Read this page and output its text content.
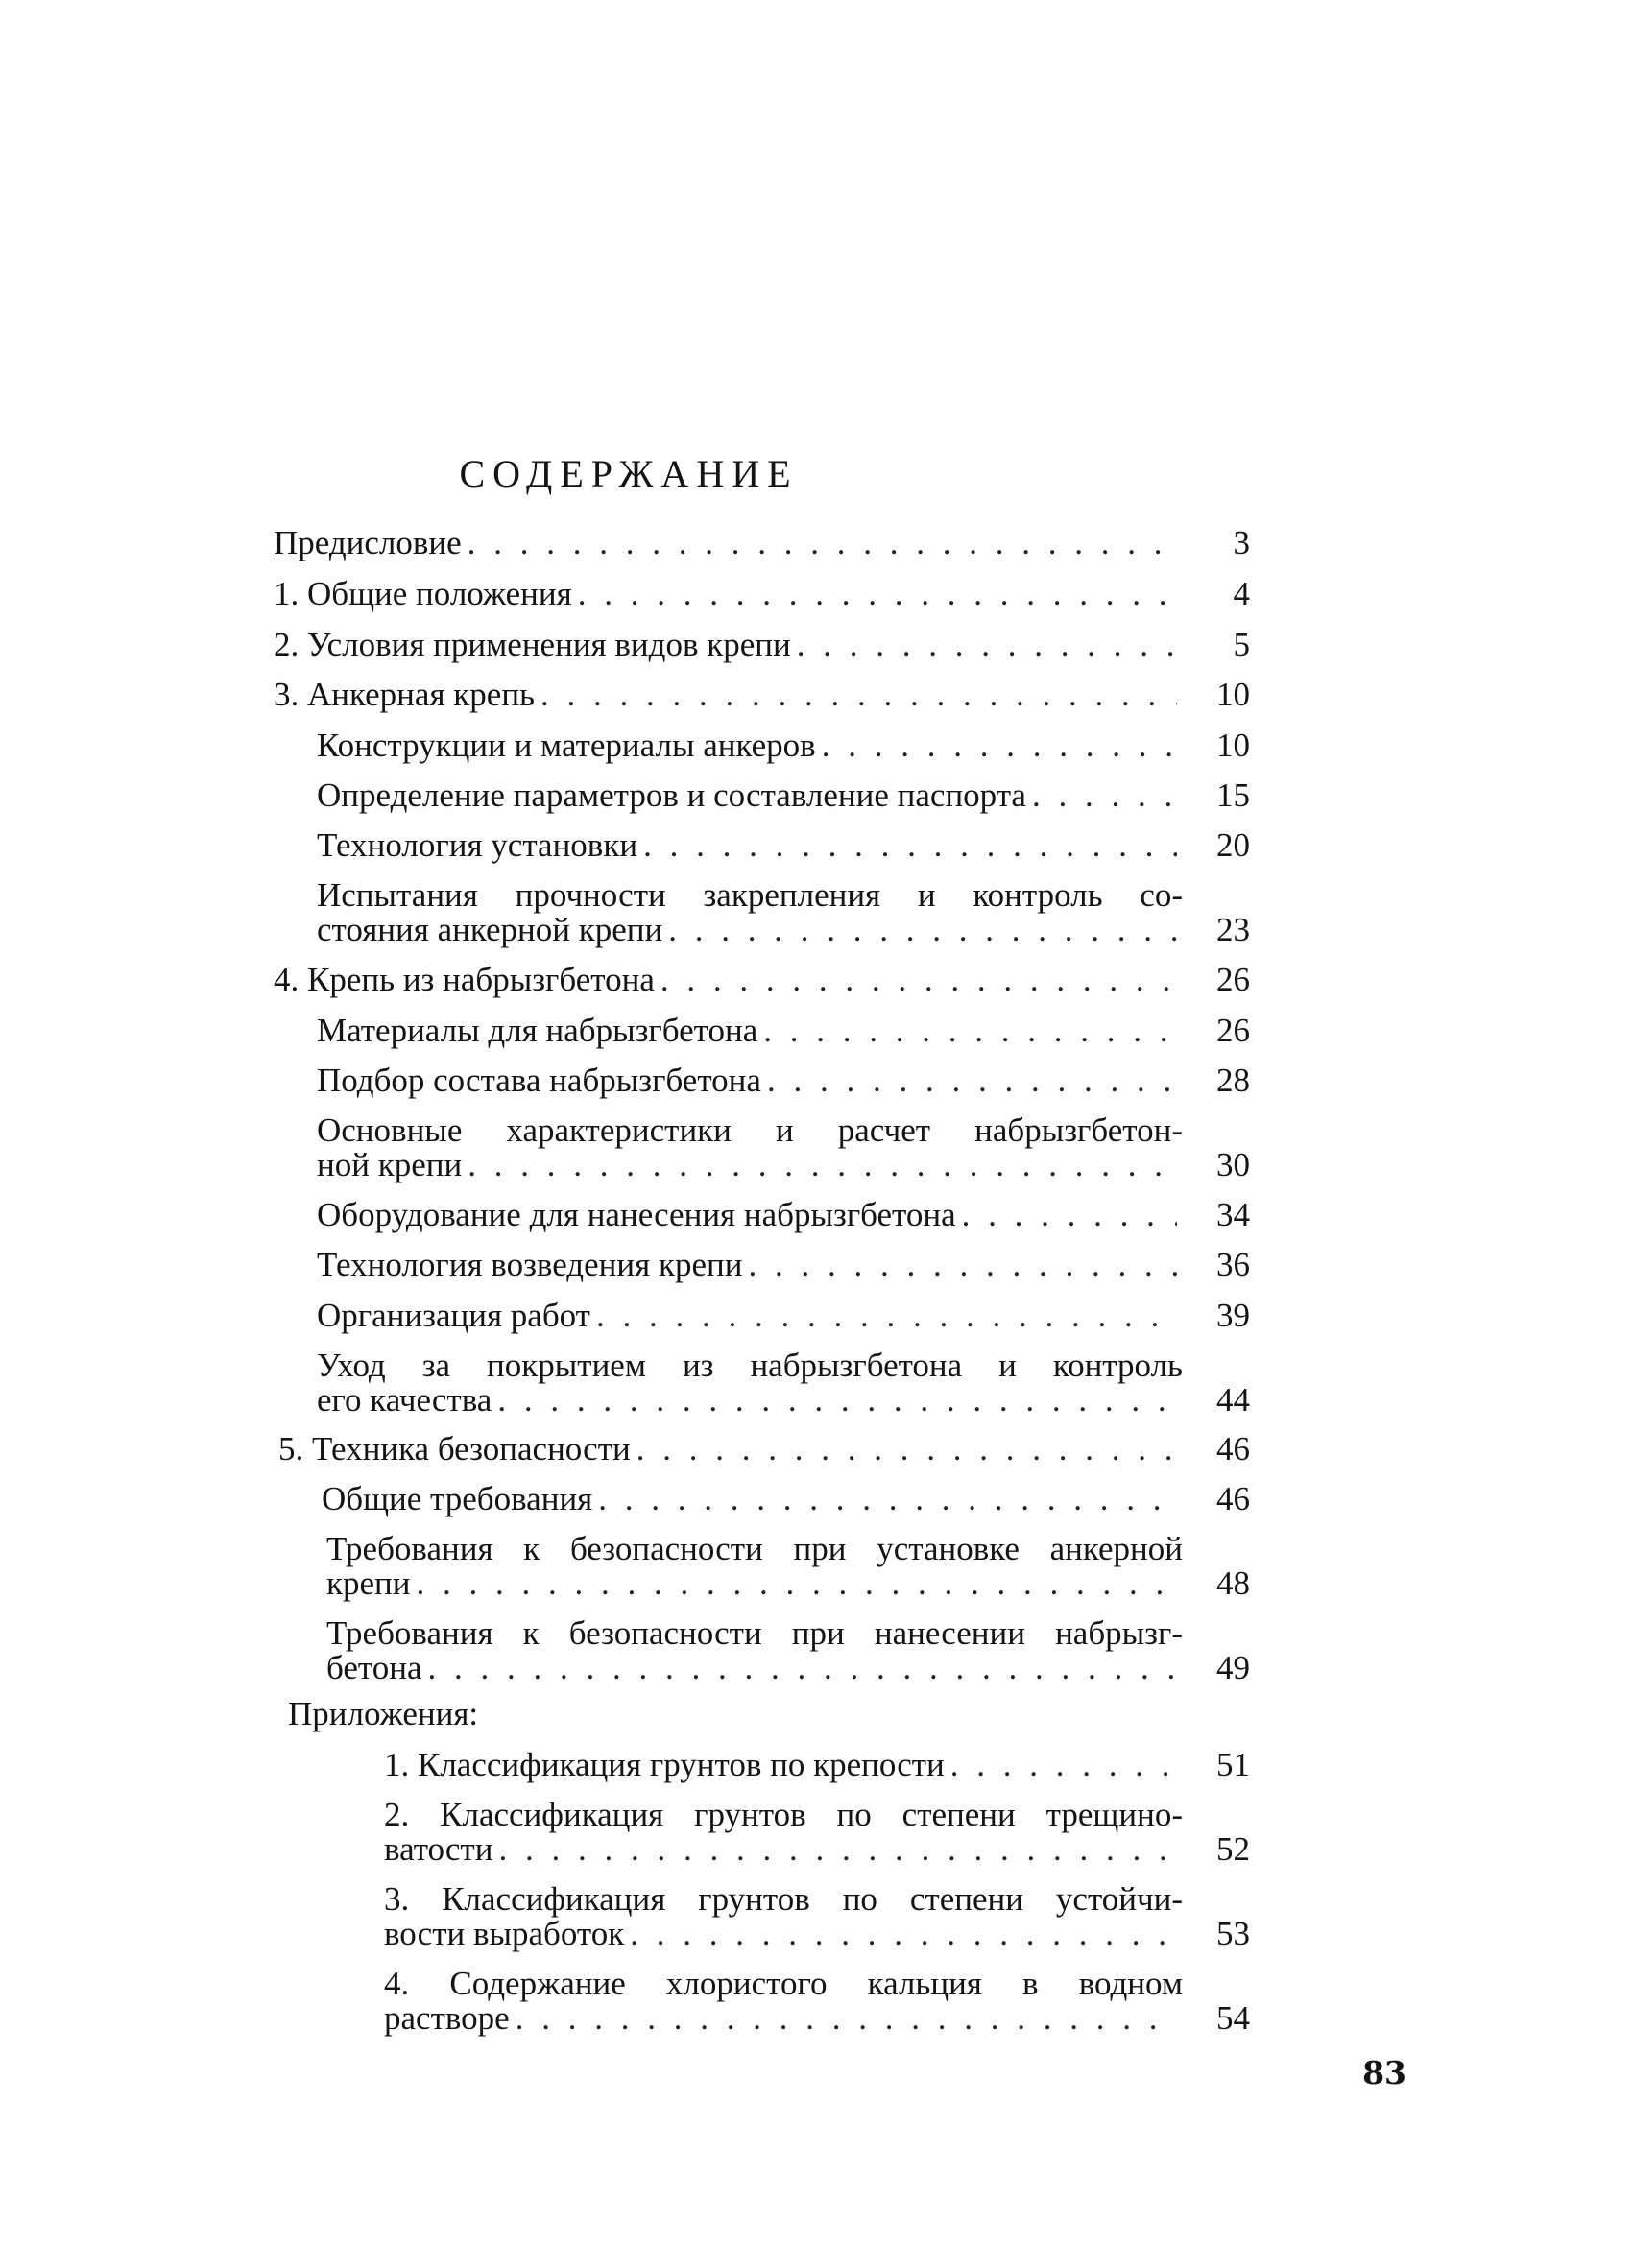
СОДЕРЖАНИЕ
Предисловие . . .	3
1. Общие положения . . .	4
2. Условия применения видов крепи . . .	5
3. Анкерная крепь . . .	10
Конструкции и материалы анкеров . . .	10
Определение параметров и составление паспорта . . .	15
Технология установки . . .	20
Испытания прочности закрепления и контроль со-
стояния анкерной крепи . . .	23
4. Крепь из набрызгбетона . . .	26
Материалы для набрызгбетона . . .	26
Подбор состава набрызгбетона . . .	28
Основные характеристики и расчет набрызгбетон-
ной крепи . . .	30
Оборудование для нанесения набрызгбетона . . .	34
Технология возведения крепи . . .	36
Организация работ . . .	39
Уход за покрытием из набрызгбетона и контроль
его качества . . .	44
5. Техника безопасности . . .	46
Общие требования . . .	46
Требования к безопасности при установке анкерной
крепи . . .	48
Требования к безопасности при нанесении набрызг-
бетона . . .	49
Приложения:
1. Классификация грунтов по крепости . . .	51
2. Классификация грунтов по степени трещино-
ватости . . .	52
3. Классификация грунтов по степени устойчи-
вости выработок . . .	53
4. Содержание хлористого кальция в водном
растворе . . .	54
83
